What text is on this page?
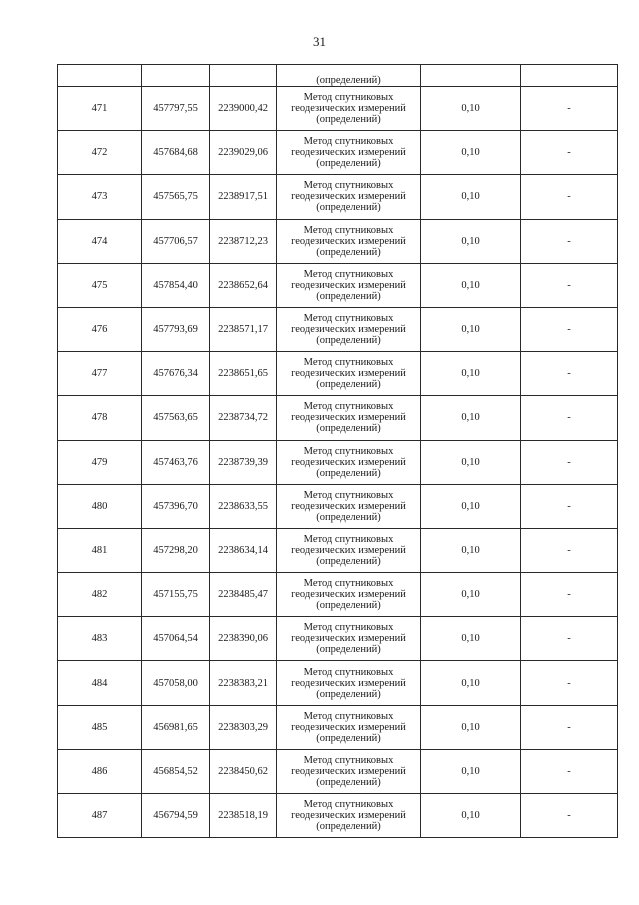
31
			(определений)		
471	457797,55	2239000,42	Метод спутниковых
геодезических измерений
(определений)	0,10	-
472	457684,68	2239029,06	Метод спутниковых
геодезических измерений
(определений)	0,10	-
473	457565,75	2238917,51	Метод спутниковых
геодезических измерений
(определений)	0,10	-
474	457706,57	2238712,23	Метод спутниковых
геодезических измерений
(определений)	0,10	-
475	457854,40	2238652,64	Метод спутниковых
геодезических измерений
(определений)	0,10	-
476	457793,69	2238571,17	Метод спутниковых
геодезических измерений
(определений)	0,10	-
477	457676,34	2238651,65	Метод спутниковых
геодезических измерений
(определений)	0,10	-
478	457563,65	2238734,72	Метод спутниковых
геодезических измерений
(определений)	0,10	-
479	457463,76	2238739,39	Метод спутниковых
геодезических измерений
(определений)	0,10	-
480	457396,70	2238633,55	Метод спутниковых
геодезических измерений
(определений)	0,10	-
481	457298,20	2238634,14	Метод спутниковых
геодезических измерений
(определений)	0,10	-
482	457155,75	2238485,47	Метод спутниковых
геодезических измерений
(определений)	0,10	-
483	457064,54	2238390,06	Метод спутниковых
геодезических измерений
(определений)	0,10	-
484	457058,00	2238383,21	Метод спутниковых
геодезических измерений
(определений)	0,10	-
485	456981,65	2238303,29	Метод спутниковых
геодезических измерений
(определений)	0,10	-
486	456854,52	2238450,62	Метод спутниковых
геодезических измерений
(определений)	0,10	-
487	456794,59	2238518,19	Метод спутниковых
геодезических измерений
(определений)	0,10	-
